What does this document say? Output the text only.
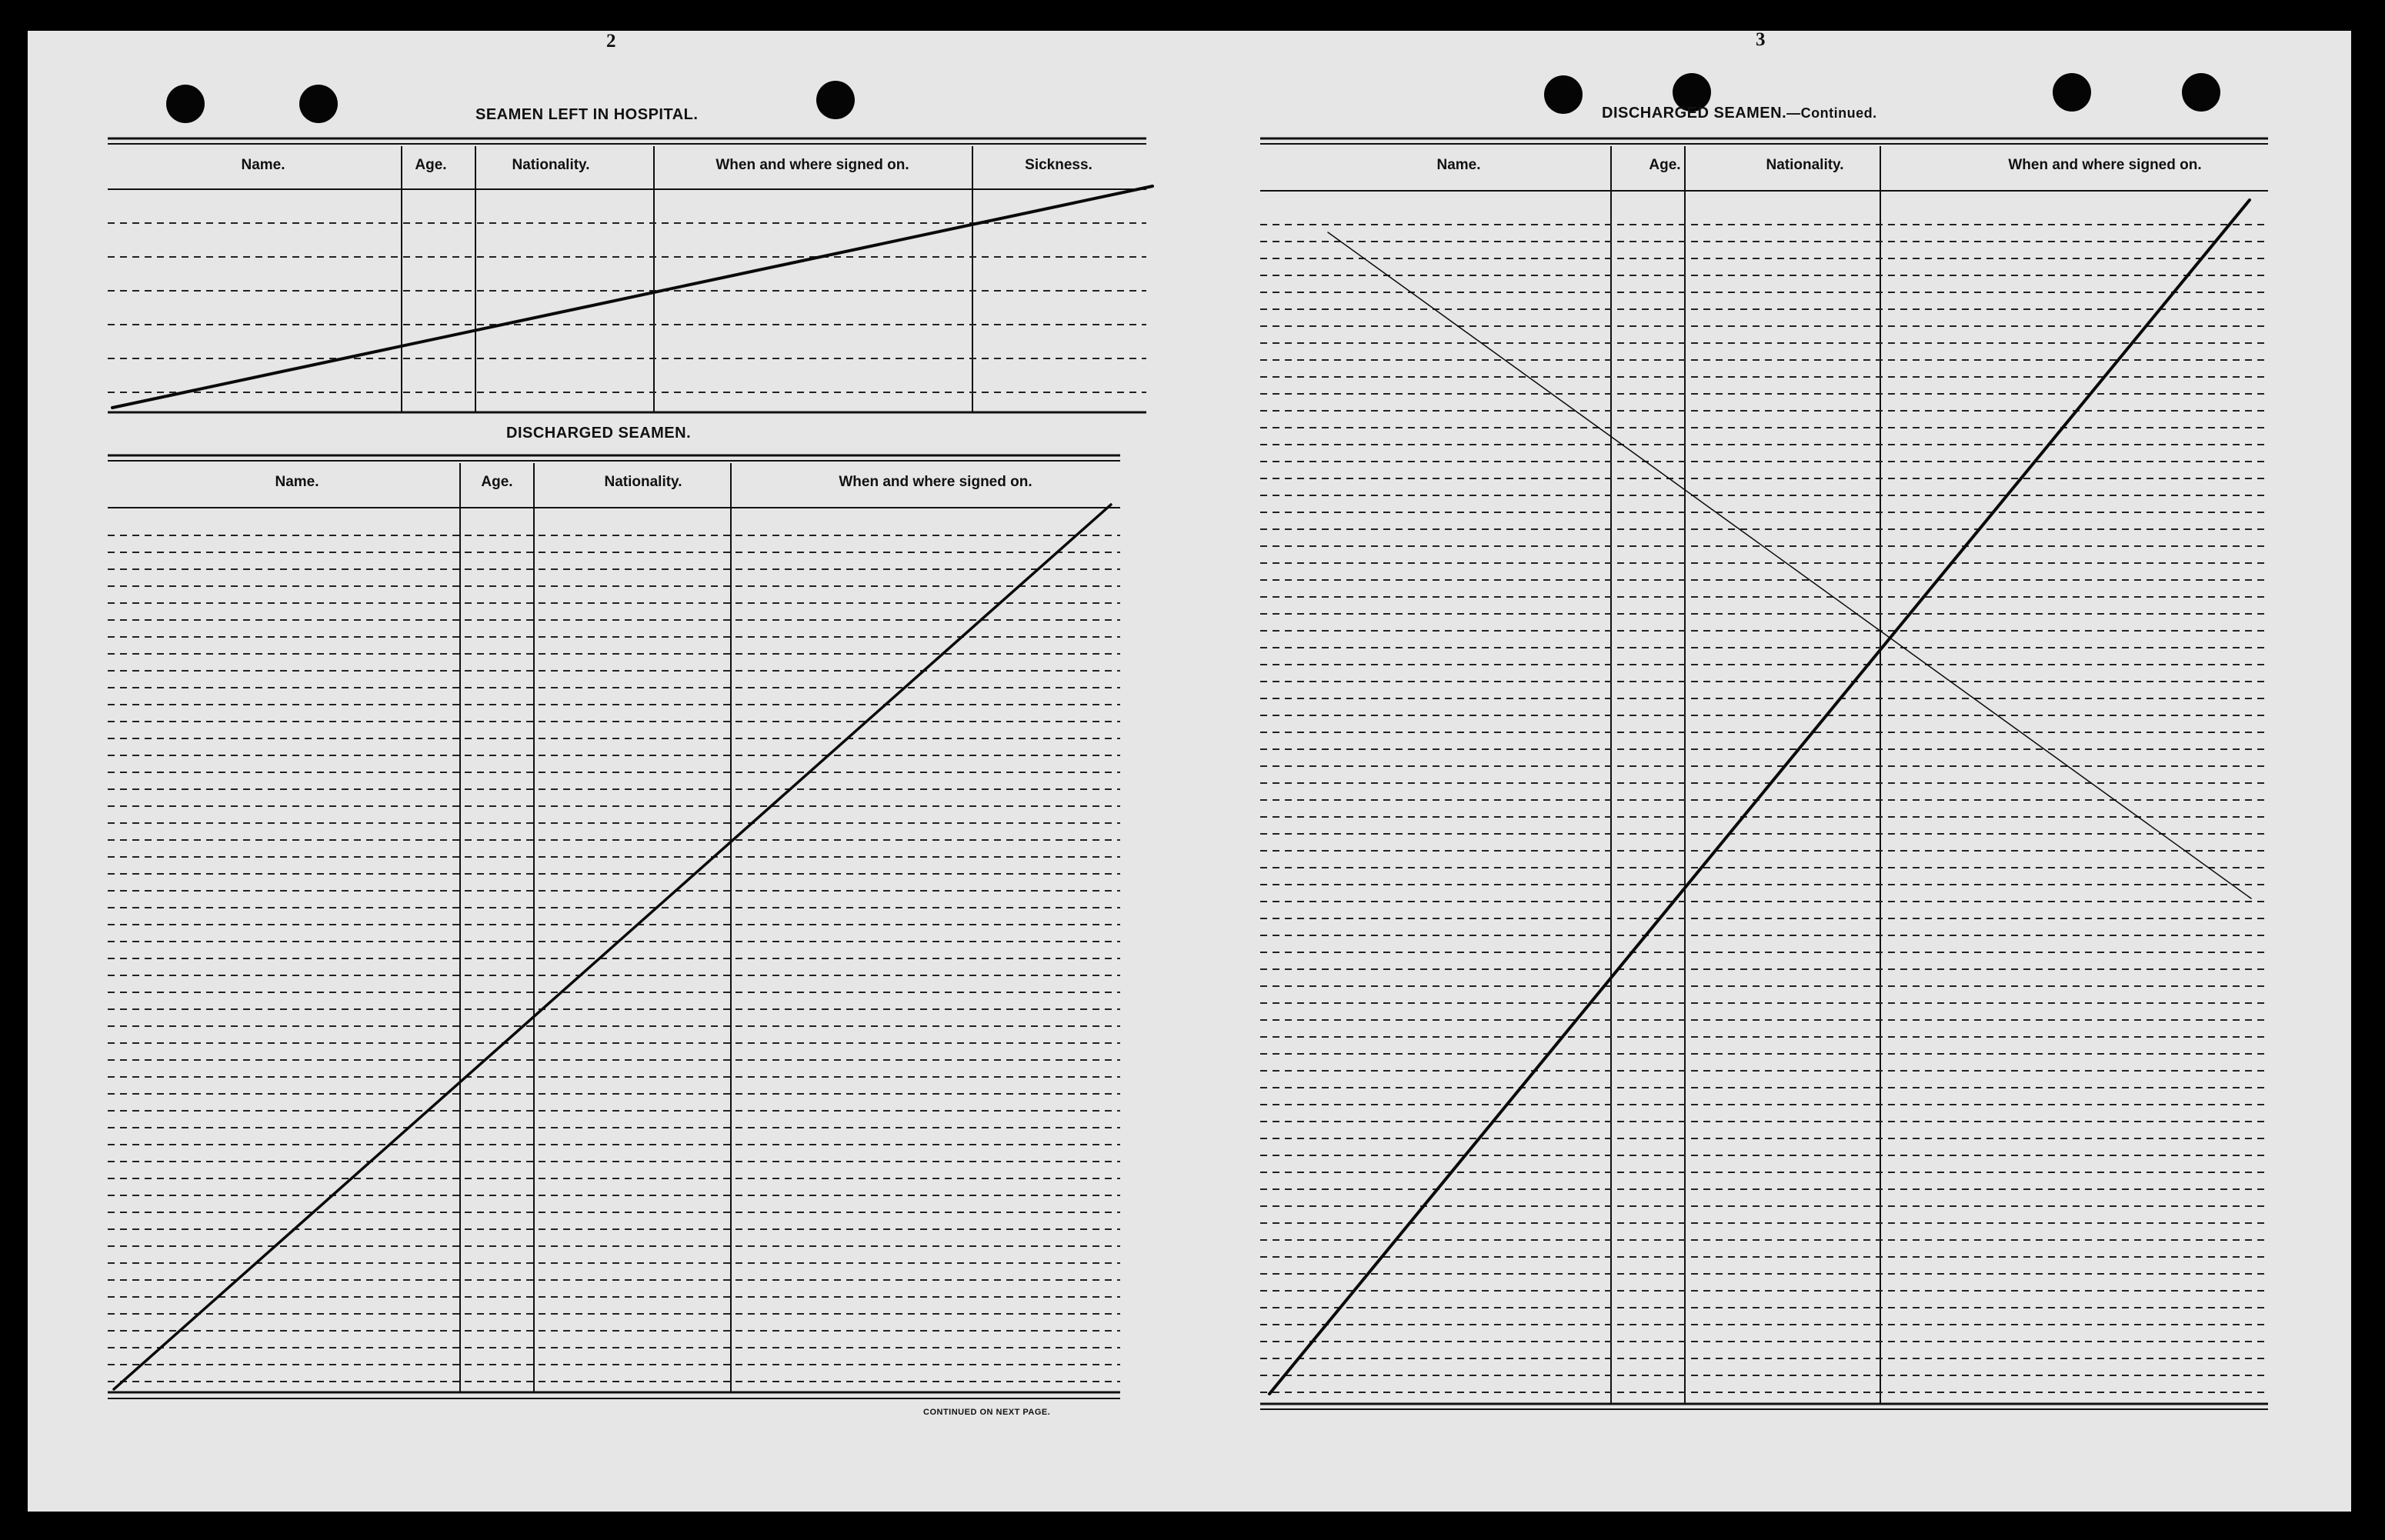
2
SEAMEN LEFT IN HOSPITAL.
DISCHARGED SEAMEN.
3
DISCHARGED SEAMEN.—Continued.
Name.	Age.	Nationality.	When and where signed on.	Sickness.
Name.	Age.	Nationality.	When and where signed on.
Name.	Age.	Nationality.	When and where signed on.
CONTINUED ON NEXT PAGE.
